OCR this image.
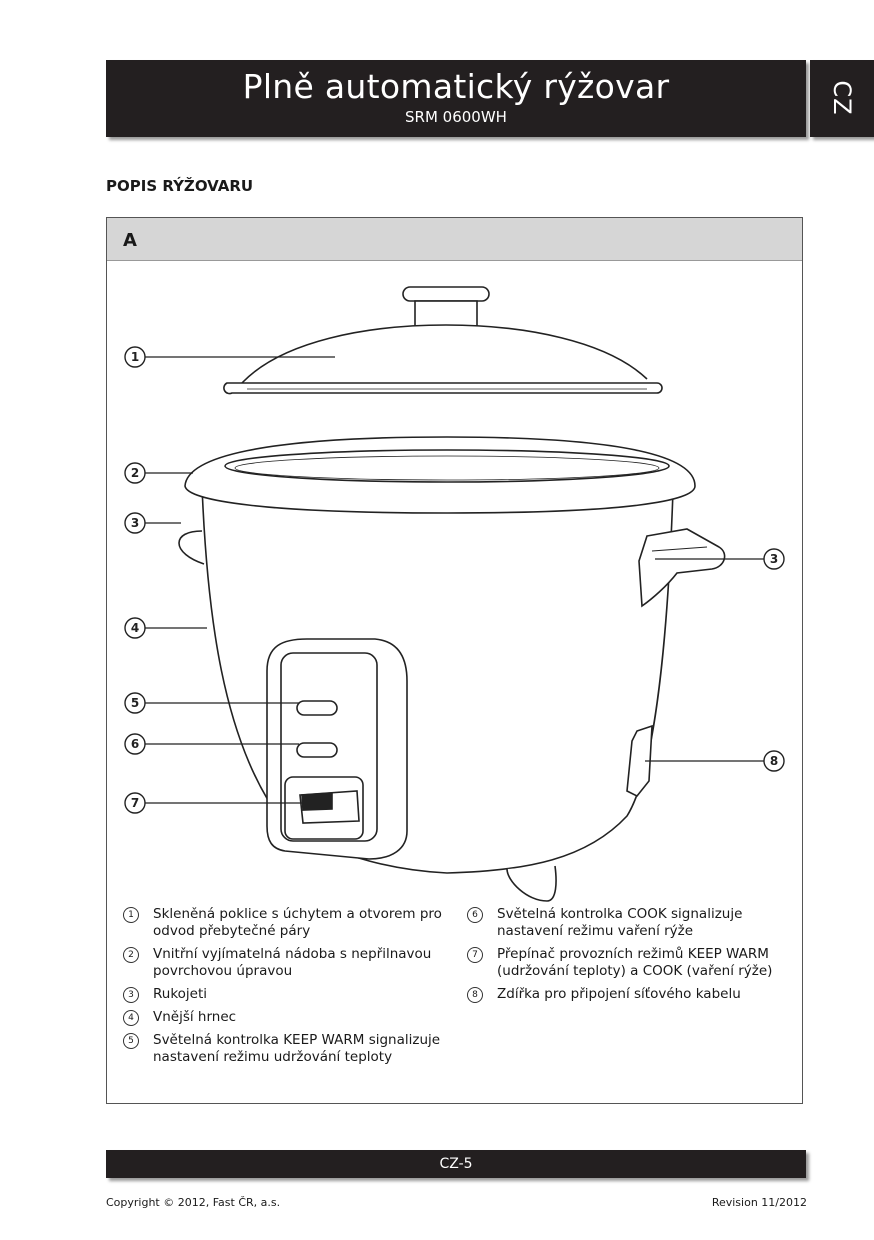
Plně automatický rýžovar
SRM 0600WH
CZ
POPIS RÝŽOVARU
A
1
2
3
3
4
5
6
7
8
1	Skleněná poklice s úchytem a otvorem pro odvod přebytečné páry
2	Vnitřní vyjímatelná nádoba s nepřilnavou povrchovou úpravou
3	Rukojeti
4	Vnější hrnec
5	Světelná kontrolka KEEP WARM signalizuje nastavení režimu udržování teploty
6	Světelná kontrolka COOK signalizuje nastavení režimu vaření rýže
7	Přepínač provozních režimů KEEP WARM (udržování teploty) a COOK (vaření rýže)
8	Zdířka pro připojení síťového kabelu
CZ-5
Copyright © 2012, Fast ČR, a.s.	Revision 11/2012
